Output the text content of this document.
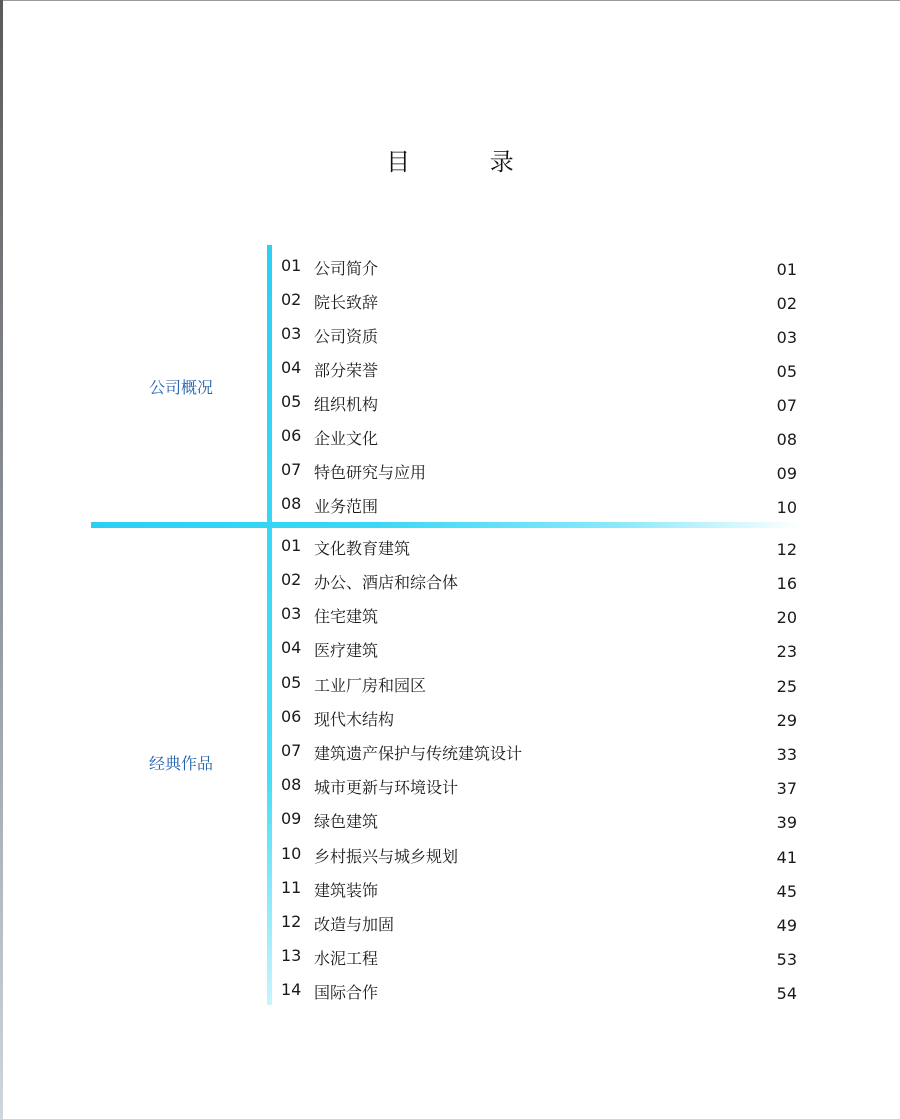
目 录
公司概况
经典作品
01 公司简介	01
02 院长致辞	02
03 公司资质	03
04 部分荣誉	05
05 组织机构	07
06 企业文化	08
07 特色研究与应用	09
08 业务范围	10
01 文化教育建筑	12
02 办公、酒店和综合体	16
03 住宅建筑	20
04 医疗建筑	23
05 工业厂房和园区	25
06 现代木结构	29
07 建筑遗产保护与传统建筑设计	33
08 城市更新与环境设计	37
09 绿色建筑	39
10 乡村振兴与城乡规划	41
11 建筑装饰	45
12 改造与加固	49
13 水泥工程	53
14 国际合作	54
